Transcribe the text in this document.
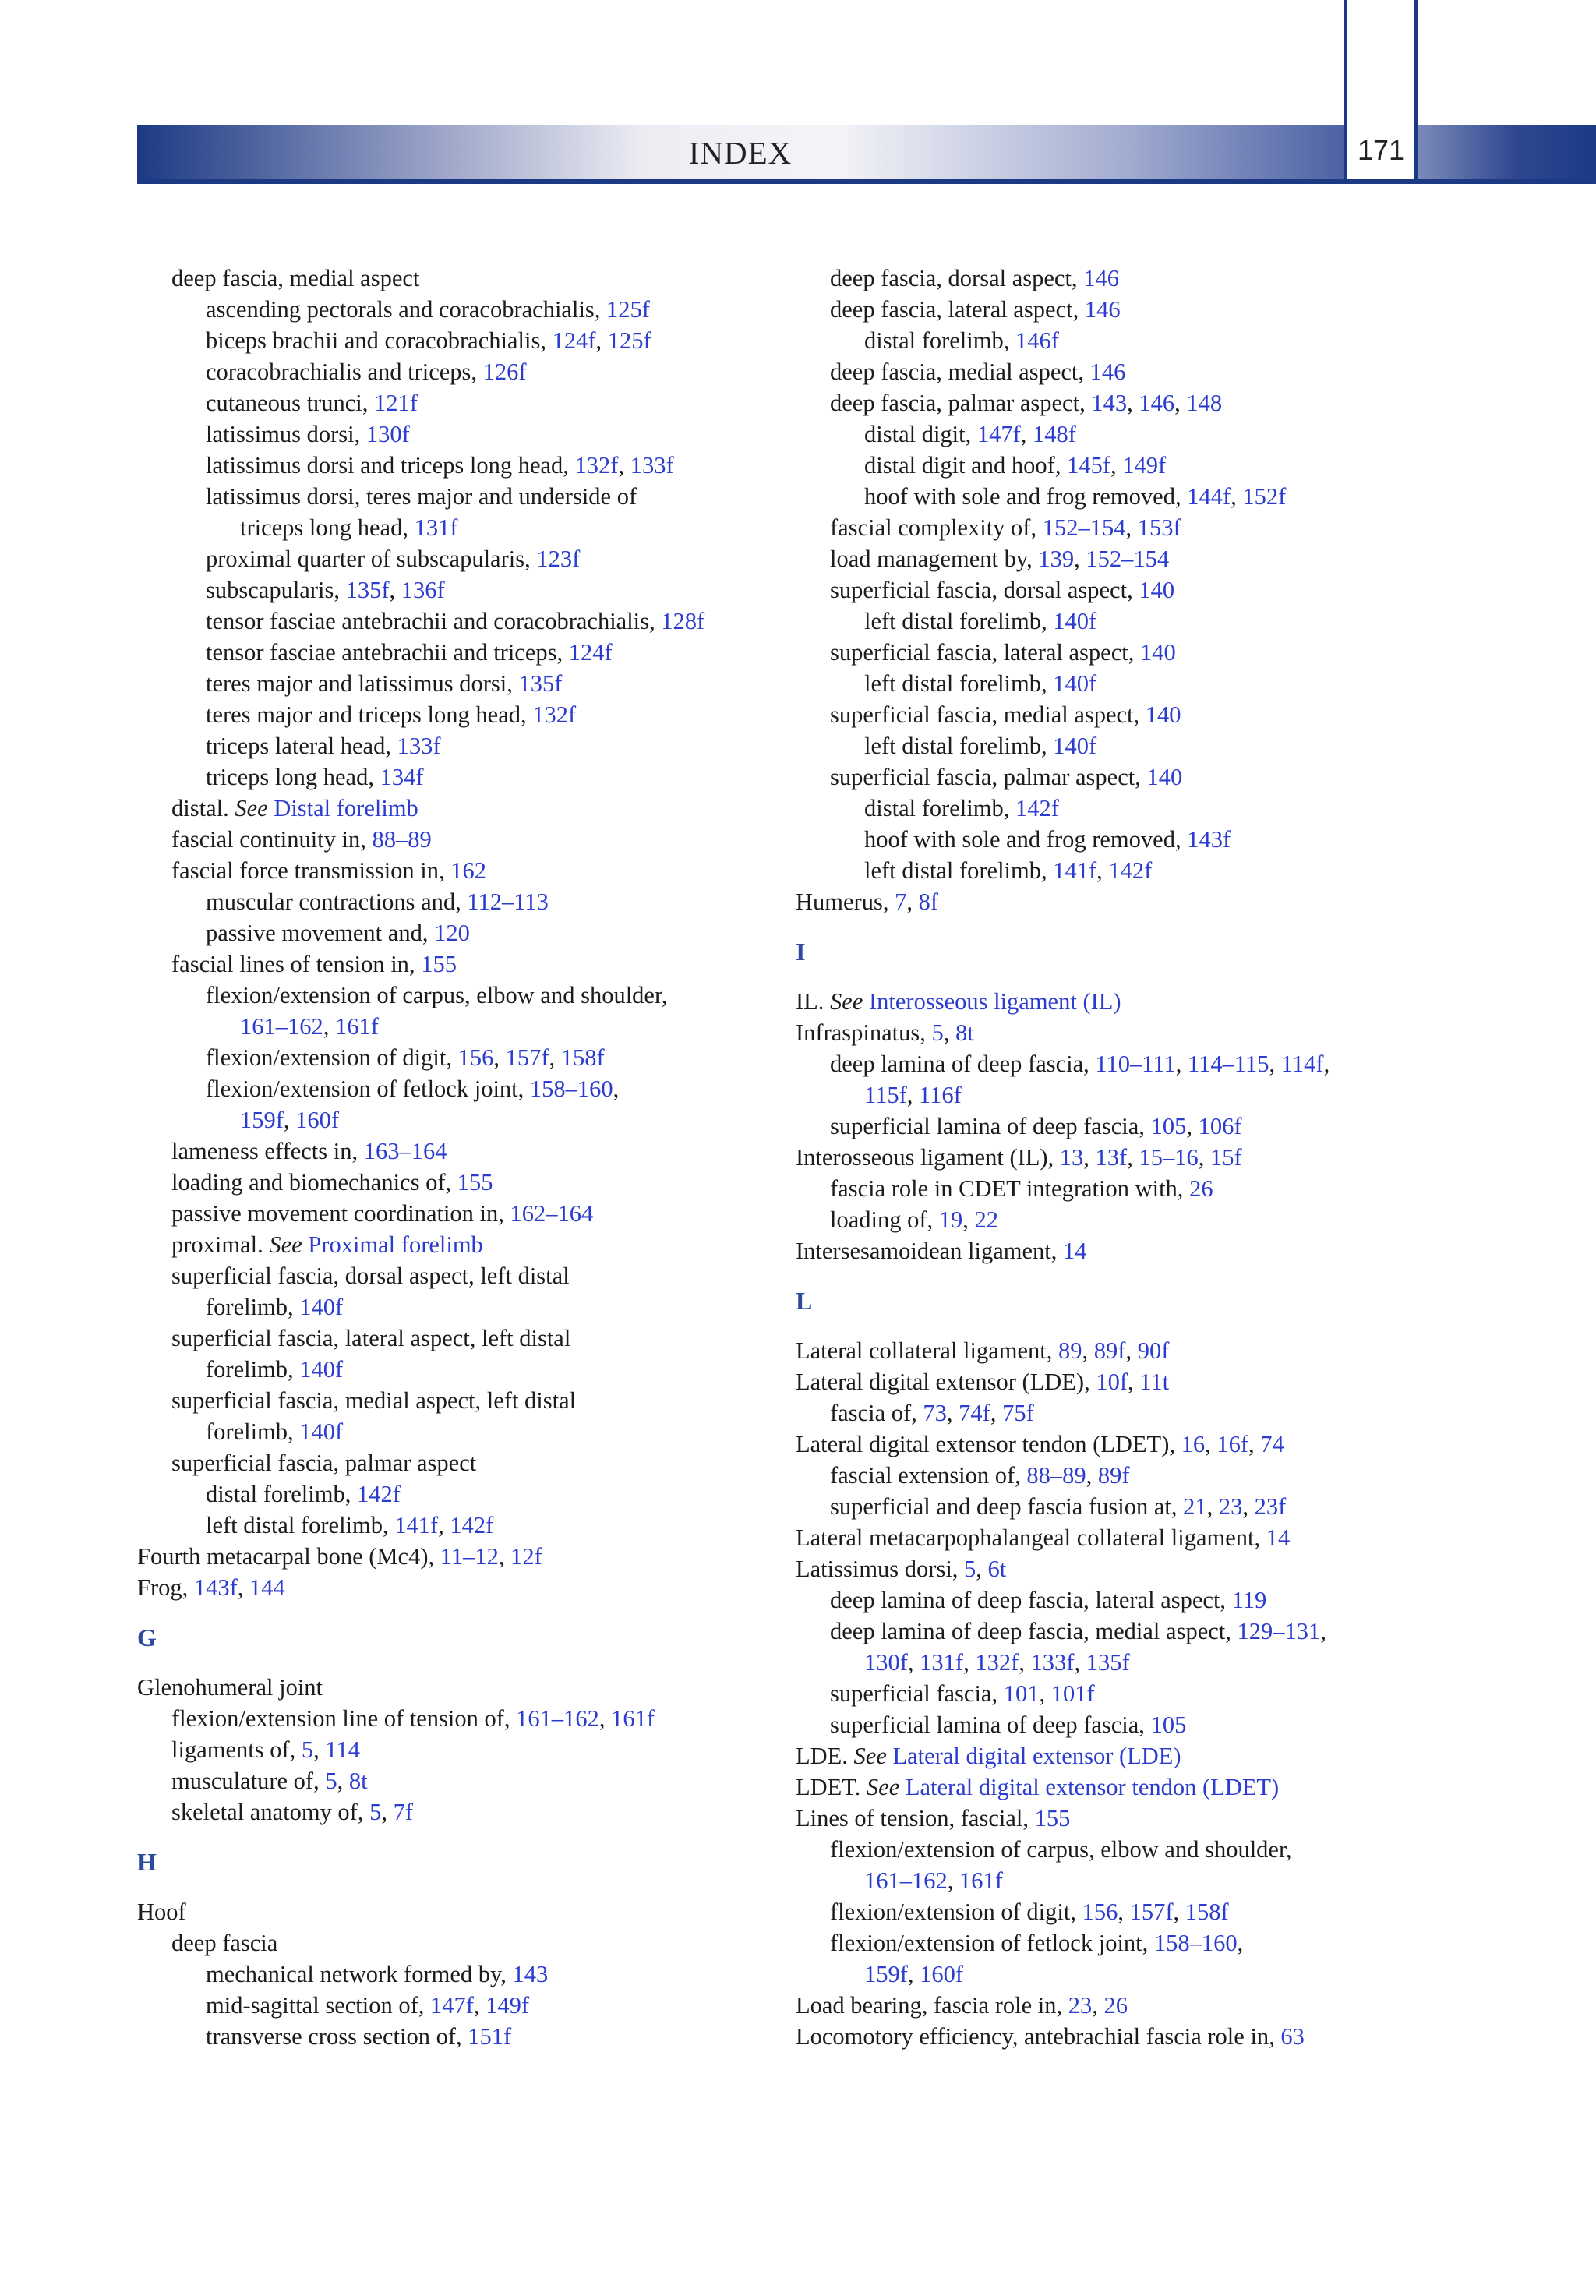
INDEX	171
deep fascia, medial aspect
ascending pectorals and coracobrachialis, 125f
biceps brachii and coracobrachialis, 124f, 125f
coracobrachialis and triceps, 126f
cutaneous trunci, 121f
latissimus dorsi, 130f
latissimus dorsi and triceps long head, 132f, 133f
latissimus dorsi, teres major and underside of
triceps long head, 131f
proximal quarter of subscapularis, 123f
subscapularis, 135f, 136f
tensor fasciae antebrachii and coracobrachialis, 128f
tensor fasciae antebrachii and triceps, 124f
teres major and latissimus dorsi, 135f
teres major and triceps long head, 132f
triceps lateral head, 133f
triceps long head, 134f
distal. See Distal forelimb
fascial continuity in, 88–89
fascial force transmission in, 162
muscular contractions and, 112–113
passive movement and, 120
fascial lines of tension in, 155
flexion/extension of carpus, elbow and shoulder,
161–162, 161f
flexion/extension of digit, 156, 157f, 158f
flexion/extension of fetlock joint, 158–160,
159f, 160f
lameness effects in, 163–164
loading and biomechanics of, 155
passive movement coordination in, 162–164
proximal. See Proximal forelimb
superficial fascia, dorsal aspect, left distal
forelimb, 140f
superficial fascia, lateral aspect, left distal
forelimb, 140f
superficial fascia, medial aspect, left distal
forelimb, 140f
superficial fascia, palmar aspect
distal forelimb, 142f
left distal forelimb, 141f, 142f
Fourth metacarpal bone (Mc4), 11–12, 12f
Frog, 143f, 144
G
Glenohumeral joint
flexion/extension line of tension of, 161–162, 161f
ligaments of, 5, 114
musculature of, 5, 8t
skeletal anatomy of, 5, 7f
H
Hoof
deep fascia
mechanical network formed by, 143
mid-sagittal section of, 147f, 149f
transverse cross section of, 151f
deep fascia, dorsal aspect, 146
deep fascia, lateral aspect, 146
distal forelimb, 146f
deep fascia, medial aspect, 146
deep fascia, palmar aspect, 143, 146, 148
distal digit, 147f, 148f
distal digit and hoof, 145f, 149f
hoof with sole and frog removed, 144f, 152f
fascial complexity of, 152–154, 153f
load management by, 139, 152–154
superficial fascia, dorsal aspect, 140
left distal forelimb, 140f
superficial fascia, lateral aspect, 140
left distal forelimb, 140f
superficial fascia, medial aspect, 140
left distal forelimb, 140f
superficial fascia, palmar aspect, 140
distal forelimb, 142f
hoof with sole and frog removed, 143f
left distal forelimb, 141f, 142f
Humerus, 7, 8f
I
IL. See Interosseous ligament (IL)
Infraspinatus, 5, 8t
deep lamina of deep fascia, 110–111, 114–115, 114f,
115f, 116f
superficial lamina of deep fascia, 105, 106f
Interosseous ligament (IL), 13, 13f, 15–16, 15f
fascia role in CDET integration with, 26
loading of, 19, 22
Intersesamoidean ligament, 14
L
Lateral collateral ligament, 89, 89f, 90f
Lateral digital extensor (LDE), 10f, 11t
fascia of, 73, 74f, 75f
Lateral digital extensor tendon (LDET), 16, 16f, 74
fascial extension of, 88–89, 89f
superficial and deep fascia fusion at, 21, 23, 23f
Lateral metacarpophalangeal collateral ligament, 14
Latissimus dorsi, 5, 6t
deep lamina of deep fascia, lateral aspect, 119
deep lamina of deep fascia, medial aspect, 129–131,
130f, 131f, 132f, 133f, 135f
superficial fascia, 101, 101f
superficial lamina of deep fascia, 105
LDE. See Lateral digital extensor (LDE)
LDET. See Lateral digital extensor tendon (LDET)
Lines of tension, fascial, 155
flexion/extension of carpus, elbow and shoulder,
161–162, 161f
flexion/extension of digit, 156, 157f, 158f
flexion/extension of fetlock joint, 158–160,
159f, 160f
Load bearing, fascia role in, 23, 26
Locomotory efficiency, antebrachial fascia role in, 63
